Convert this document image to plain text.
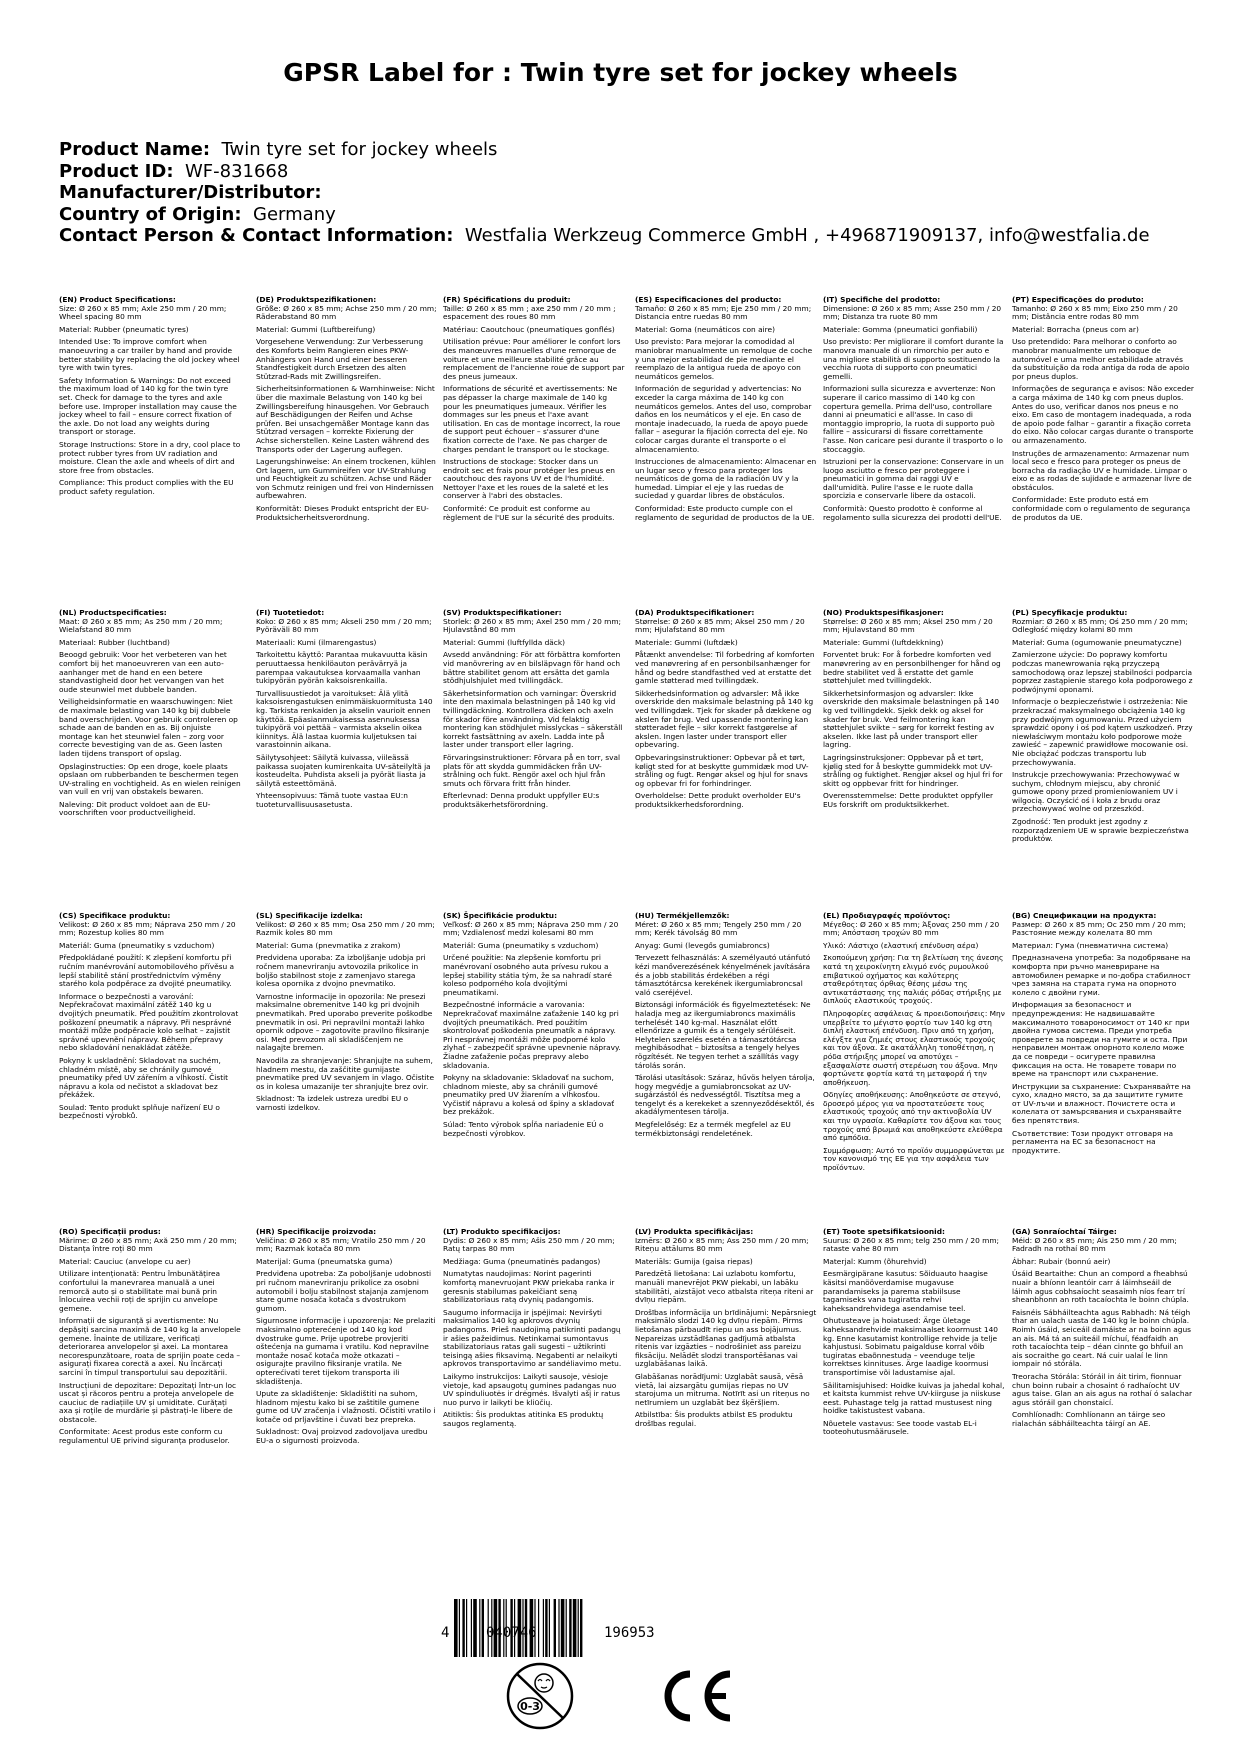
GPSR Label for : Twin tyre set for jockey wheels
Product Name: Twin tyre set for jockey wheels
Product ID: WF-831668
Manufacturer/Distributor:
Country of Origin: Germany
Contact Person & Contact Information: Westfalia Werkzeug Commerce GmbH , +496871909137, info@westfalia.de
(EN) Product Specifications:
Size: Ø 260 x 85 mm; Axle 250 mm / 20 mm; Wheel spacing 80 mm
Material: Rubber (pneumatic tyres)
Intended Use: To improve comfort when manoeuvring a car trailer by hand and provide better stability by replacing the old jockey wheel tyre with twin tyres.
Safety Information & Warnings: Do not exceed the maximum load of 140 kg for the twin tyre set. Check for damage to the tyres and axle before use. Improper installation may cause the jockey wheel to fail – ensure correct fixation of the axle. Do not load any weights during transport or storage.
Storage Instructions: Store in a dry, cool place to protect rubber tyres from UV radiation and moisture. Clean the axle and wheels of dirt and store free from obstacles.
Compliance: This product complies with the EU product safety regulation.
(DE) Produktspezifikationen:
Größe: Ø 260 x 85 mm; Achse 250 mm / 20 mm; Räderabstand 80 mm
Material: Gummi (Luftbereifung)
Vorgesehene Verwendung: Zur Verbesserung des Komforts beim Rangieren eines PKW-Anhängers von Hand und einer besseren Standfestigkeit durch Ersetzen des alten Stützrad-Rads mit Zwillingsreifen.
Sicherheitsinformationen & Warnhinweise: Nicht über die maximale Belastung von 140 kg bei Zwillingsbereifung hinausgehen. Vor Gebrauch auf Beschädigungen der Reifen und Achse prüfen. Bei unsachgemäßer Montage kann das Stützrad versagen – korrekte Fixierung der Achse sicherstellen. Keine Lasten während des Transports oder der Lagerung auflegen.
Lagerungshinweise: An einem trockenen, kühlen Ort lagern, um Gummireifen vor UV-Strahlung und Feuchtigkeit zu schützen. Achse und Räder von Schmutz reinigen und frei von Hindernissen aufbewahren.
Konformität: Dieses Produkt entspricht der EU-Produktsicherheitsverordnung.
(FR) Spécifications du produit:
Taille: Ø 260 x 85 mm ; axe 250 mm / 20 mm ; espacement des roues 80 mm
Matériau: Caoutchouc (pneumatiques gonflés)
Utilisation prévue: Pour améliorer le confort lors des manœuvres manuelles d'une remorque de voiture et une meilleure stabilité grâce au remplacement de l'ancienne roue de support par des pneus jumeaux.
Informations de sécurité et avertissements: Ne pas dépasser la charge maximale de 140 kg pour les pneumatiques jumeaux. Vérifier les dommages sur les pneus et l'axe avant utilisation. En cas de montage incorrect, la roue de support peut échouer – s'assurer d'une fixation correcte de l'axe. Ne pas charger de charges pendant le transport ou le stockage.
Instructions de stockage: Stocker dans un endroit sec et frais pour protéger les pneus en caoutchouc des rayons UV et de l'humidité. Nettoyer l'axe et les roues de la saleté et les conserver à l'abri des obstacles.
Conformité: Ce produit est conforme au règlement de l'UE sur la sécurité des produits.
(ES) Especificaciones del producto:
Tamaño: Ø 260 x 85 mm; Eje 250 mm / 20 mm; Distancia entre ruedas 80 mm
Material: Goma (neumáticos con aire)
Uso previsto: Para mejorar la comodidad al maniobrar manualmente un remolque de coche y una mejor estabilidad de pie mediante el reemplazo de la antigua rueda de apoyo con neumáticos gemelos.
Información de seguridad y advertencias: No exceder la carga máxima de 140 kg con neumáticos gemelos. Antes del uso, comprobar daños en los neumáticos y el eje. En caso de montaje inadecuado, la rueda de apoyo puede fallar – asegurar la fijación correcta del eje. No colocar cargas durante el transporte o el almacenamiento.
Instrucciones de almacenamiento: Almacenar en un lugar seco y fresco para proteger los neumáticos de goma de la radiación UV y la humedad. Limpiar el eje y las ruedas de suciedad y guardar libres de obstáculos.
Conformidad: Este producto cumple con el reglamento de seguridad de productos de la UE.
(IT) Specifiche del prodotto:
Dimensione: Ø 260 x 85 mm; Asse 250 mm / 20 mm; Distanza tra ruote 80 mm
Materiale: Gomma (pneumatici gonfiabili)
Uso previsto: Per migliorare il comfort durante la manovra manuale di un rimorchio per auto e una migliore stabilità di supporto sostituendo la vecchia ruota di supporto con pneumatici gemelli.
Informazioni sulla sicurezza e avvertenze: Non superare il carico massimo di 140 kg con copertura gemella. Prima dell'uso, controllare danni ai pneumatici e all'asse. In caso di montaggio improprio, la ruota di supporto può fallire – assicurarsi di fissare correttamente l'asse. Non caricare pesi durante il trasporto o lo stoccaggio.
Istruzioni per la conservazione: Conservare in un luogo asciutto e fresco per proteggere i pneumatici in gomma dai raggi UV e dall'umidità. Pulire l'asse e le ruote dalla sporcizia e conservarle libere da ostacoli.
Conformità: Questo prodotto è conforme al regolamento sulla sicurezza dei prodotti dell'UE.
(PT) Especificações do produto:
Tamanho: Ø 260 x 85 mm; Eixo 250 mm / 20 mm; Distância entre rodas 80 mm
Material: Borracha (pneus com ar)
Uso pretendido: Para melhorar o conforto ao manobrar manualmente um reboque de automóvel e uma melhor estabilidade através da substituição da roda antiga da roda de apoio por pneus duplos.
Informações de segurança e avisos: Não exceder a carga máxima de 140 kg com pneus duplos. Antes do uso, verificar danos nos pneus e no eixo. Em caso de montagem inadequada, a roda de apoio pode falhar – garantir a fixação correta do eixo. Não colocar cargas durante o transporte ou armazenamento.
Instruções de armazenamento: Armazenar num local seco e fresco para proteger os pneus de borracha da radiação UV e humidade. Limpar o eixo e as rodas de sujidade e armazenar livre de obstáculos.
Conformidade: Este produto está em conformidade com o regulamento de segurança de produtos da UE.
(NL) Productspecificaties:
Maat: Ø 260 x 85 mm; As 250 mm / 20 mm; Wielafstand 80 mm
Materiaal: Rubber (luchtband)
Beoogd gebruik: Voor het verbeteren van het comfort bij het manoeuvreren van een auto-aanhanger met de hand en een betere standvastigheid door het vervangen van het oude steunwiel met dubbele banden.
Veiligheidsinformatie en waarschuwingen: Niet de maximale belasting van 140 kg bij dubbele band overschrijden. Voor gebruik controleren op schade aan de banden en as. Bij onjuiste montage kan het steunwiel falen – zorg voor correcte bevestiging van de as. Geen lasten laden tijdens transport of opslag.
Opslaginstructies: Op een droge, koele plaats opslaan om rubberbanden te beschermen tegen UV-straling en vochtigheid. As en wielen reinigen van vuil en vrij van obstakels bewaren.
Naleving: Dit product voldoet aan de EU-voorschriften voor productveiligheid.
(FI) Tuotetiedot:
Koko: Ø 260 x 85 mm; Akseli 250 mm / 20 mm; Pyöräväli 80 mm
Materiaali: Kumi (ilmarengastus)
Tarkoitettu käyttö: Parantaa mukavuutta käsin peruuttaessa henkilöauton perävärryä ja parempaa vakautuksea korvaamalla vanhan tukipyörän pyörän kaksoisrenkailla.
Turvallisuustiedot ja varoitukset: Älä ylitä kaksoisrengastuksen enimmäiskuormitusta 140 kg. Tarkista renkaiden ja akselin vaurioit ennen käyttöä. Epäasianmukaisessa asennuksessa tukipyörä voi pettää – varmista akselin oikea kiinnitys. Älä lastaa kuormia kuljetuksen tai varastoinnin aikana.
Säilytysohjeet: Säilytä kuivassa, viileässä paikassa suojaten kumirenkaita UV-säteilyltä ja kosteudelta. Puhdista akseli ja pyörät liasta ja säilytä esteettömänä.
Yhteensopivuus: Tämä tuote vastaa EU:n tuoteturvallisuusasetusta.
(SV) Produktspecifikationer:
Storlek: Ø 260 x 85 mm; Axel 250 mm / 20 mm; Hjulavstånd 80 mm
Material: Gummi (luftfyllda däck)
Avsedd användning: För att förbättra komforten vid manövrering av en bilsläpvagn för hand och bättre stabilitet genom att ersätta det gamla stödhjulshjulet med tvillingdäck.
Säkerhetsinformation och varningar: Överskrid inte den maximala belastningen på 140 kg vid tvillingdäckning. Kontrollera däcken och axeln för skador före användning. Vid felaktig montering kan stödhjulet misslyckas – säkerställ korrekt fastsättning av axeln. Ladda inte på laster under transport eller lagring.
Förvaringsinstruktioner: Förvara på en torr, sval plats för att skydda gummidäcken från UV-strålning och fukt. Rengör axel och hjul från smuts och förvara fritt från hinder.
Efterlevnad: Denna produkt uppfyller EU:s produktsäkerhetsförordning.
(DA) Produktspecifikationer:
Størrelse: Ø 260 x 85 mm; Aksel 250 mm / 20 mm; Hjulafstand 80 mm
Materiale: Gummi (luftdæk)
Påtænkt anvendelse: Til forbedring af komforten ved manøvrering af en personbilsanhænger for hånd og bedre standfasthed ved at erstatte det gamle støtterad med tvillingdæk.
Sikkerhedsinformation og advarsler: Må ikke overskride den maksimale belastning på 140 kg ved tvillingdæk. Tjek for skader på dækkene og akslen før brug. Ved upassende montering kan støtteradet fejle – sikr korrekt fastgørelse af akslen. Ingen laster under transport eller opbevaring.
Opbevaringsinstruktioner: Opbevar på et tørt, køligt sted for at beskytte gummidæk mod UV-stråling og fugt. Rengør aksel og hjul for snavs og opbevar fri for forhindringer.
Overholdelse: Dette produkt overholder EU's produktsikkerhedsforordning.
(NO) Produktspesifikasjoner:
Størrelse: Ø 260 x 85 mm; Aksel 250 mm / 20 mm; Hjulavstand 80 mm
Materiale: Gummi (luftdekkning)
Forventet bruk: For å forbedre komforten ved manøvrering av en personbilhenger for hånd og bedre stabilitet ved å erstatte det gamle støttehjulet med tvillingdekk.
Sikkerhetsinformasjon og advarsler: Ikke overskride den maksimale belastningen på 140 kg ved tvillingdekk. Sjekk dekk og aksel for skader før bruk. Ved feilmontering kan støttehjulet svikte – sørg for korrekt festing av akselen. Ikke last på under transport eller lagring.
Lagringsinstruksjoner: Oppbevar på et tørt, kjølig sted for å beskytte gummidekk mot UV-stråling og fuktighet. Rengjør aksel og hjul fri for skitt og oppbevar fritt for hindringer.
Overensstemmelse: Dette produktet oppfyller EUs forskrift om produktsikkerhet.
(PL) Specyfikacje produktu:
Rozmiar: Ø 260 x 85 mm; Oś 250 mm / 20 mm; Odległość między kołami 80 mm
Materiał: Guma (ogumowanie pneumatyczne)
Zamierzone użycie: Do poprawy komfortu podczas manewrowania ręką przyczepą samochodową oraz lepszej stabilności podparcia poprzez zastąpienie starego koła podporowego z podwójnymi oponami.
Informacje o bezpieczeństwie i ostrzeżenia: Nie przekraczać maksymalnego obciążenia 140 kg przy podwójnym ogumowaniu. Przed użyciem sprawdzić opony i oś pod kątem uszkodzeń. Przy niewłaściwym montażu koło podporowe może zawieść – zapewnić prawidłowe mocowanie osi. Nie obciążać podczas transportu lub przechowywania.
Instrukcje przechowywania: Przechowywać w suchym, chłodnym miejscu, aby chronić gumowe opony przed promieniowaniem UV i wilgocią. Oczyścić oś i koła z brudu oraz przechowywać wolne od przeszkód.
Zgodność: Ten produkt jest zgodny z rozporządzeniem UE w sprawie bezpieczeństwa produktów.
(CS) Specifikace produktu:
Velikost: Ø 260 x 85 mm; Náprava 250 mm / 20 mm; Rozestup kolies 80 mm
Materiál: Guma (pneumatiky s vzduchom)
Předpokládané použití: K zlepšení komfortu při ručním manévrování automobilového přívěsu a lepší stabilitě stání prostřednictvím výměny starého kola podpěrace za dvojité pneumatiky.
Informace o bezpečnosti a varování: Nepřekračovat maximální zátěž 140 kg u dvojitých pneumatik. Před použitím zkontrolovat poškození pneumatik a nápravy. Při nesprávné montáži může podpěracie kolo selhat – zajistit správné upevnění nápravy. Během přepravy nebo skladování nenakládat zátěže.
Pokyny k uskladnění: Skladovat na suchém, chladném místě, aby se chránily gumové pneumatiky před UV zářením a vlhkostí. Čistit nápravu a kola od nečistot a skladovat bez překážek.
Soulad: Tento produkt splňuje nařízení EU o bezpečnosti výrobků.
(SL) Specifikacije izdelka:
Velikost: Ø 260 x 85 mm; Osa 250 mm / 20 mm; Razmik koles 80 mm
Material: Guma (pnevmatika z zrakom)
Predvidena uporaba: Za izboljšanje udobja pri ročnem manevriranju avtovozila prikolice in boljšo stabilnost stoje z zamenjavo starega kolesa opornika z dvojno pnevmatiko.
Varnostne informacije in opozorila: Ne presezi maksimalne obremenitve 140 kg pri dvojnih pnevmatikah. Pred uporabo preverite poškodbe pnevmatik in osi. Pri nepravilni montaži lahko opornik odpove – zagotovite pravilno fiksiranje osi. Med prevozom ali skladiščenjem ne nalagajte bremen.
Navodila za shranjevanje: Shranjujte na suhem, hladnem mestu, da zaščitite gumijaste pnevmatike pred UV sevanjem in vlago. Očistite os in kolesa umazanije ter shranjujte brez ovir.
Skladnost: Ta izdelek ustreza uredbi EU o varnosti izdelkov.
(SK) Špecifikácie produktu:
Veľkosť: Ø 260 x 85 mm; Náprava 250 mm / 20 mm; Vzdialenosť medzi kolesami 80 mm
Materiál: Guma (pneumatiky s vzduchom)
Určené použitie: Na zlepšenie komfortu pri manévrovaní osobného auta prívesu rukou a lepšej stability státia tým, že sa nahradí staré koleso podporného kola dvojitými pneumatikami.
Bezpečnostné informácie a varovania: Neprekračovať maximálne zaťaženie 140 kg pri dvojitých pneumatikách. Pred použitím skontrolovať poškodenia pneumatík a nápravy. Pri nesprávnej montáži môže podporné kolo zlyhať – zabezpečiť správne upevnenie nápravy. Žiadne zaťaženie počas prepravy alebo skladovania.
Pokyny na skladovanie: Skladovať na suchom, chladnom mieste, aby sa chránili gumové pneumatiky pred UV žiarením a vlhkosťou. Vyčistiť nápravu a kolesá od špiny a skladovať bez prekážok.
Súlad: Tento výrobok spĺňa nariadenie EÚ o bezpečnosti výrobkov.
(HU) Termékjellemzők:
Méret: Ø 260 x 85 mm; Tengely 250 mm / 20 mm; Kerék távolság 80 mm
Anyag: Gumi (levegős gumiabroncs)
Tervezett felhasználás: A személyautó utánfutó kézi manőverezésének kényelmének javítására és a jobb stabilitás érdekében a régi támasztótárcsa kerekének ikergumiabroncsal való cseréjével.
Biztonsági információk és figyelmeztetések: Ne haladja meg az ikergumiabroncs maximális terhelését 140 kg-mal. Használat előtt ellenőrizze a gumik és a tengely sérüléseit. Helytelen szerelés esetén a támasztótárcsa meghibásodhat – biztosítsa a tengely helyes rögzítését. Ne tegyen terhet a szállítás vagy tárolás során.
Tárolási utasítások: Száraz, hűvös helyen tárolja, hogy megvédje a gumiabroncsokat az UV-sugárzástól és nedvességtől. Tisztítsa meg a tengelyt és a kerekeket a szennyeződésektől, és akadálymentesen tárolja.
Megfelelőség: Ez a termék megfelel az EU termékbiztonsági rendeletének.
(EL) Προδιαγραφές προϊόντος:
Μέγεθος: Ø 260 x 85 mm; Άξονας 250 mm / 20 mm; Απόσταση τροχών 80 mm
Υλικό: Λάστιχο (ελαστική επένδυση αέρα)
Σκοπούμενη χρήση: Για τη βελτίωση της άνεσης κατά τη χειροκίνητη ελιγμό ενός ρυμουλκού επιβατικού οχήματος και καλύτερης σταθερότητας όρθιας θέσης μέσω της αντικατάστασης της παλιάς ρόδας στήριξης με διπλούς ελαστικούς τροχούς.
Πληροφορίες ασφάλειας & προειδοποιήσεις: Μην υπερβείτε το μέγιστο φορτίο των 140 kg στη διπλή ελαστική επένδυση. Πριν από τη χρήση, ελέγξτε για ζημιές στους ελαστικούς τροχούς και τον άξονα. Σε ακατάλληλη τοποθέτηση, η ρόδα στήριξης μπορεί να αποτύχει – εξασφαλίστε σωστή στερέωση του άξονα. Μην φορτώνετε φορτία κατά τη μεταφορά ή την αποθήκευση.
Οδηγίες αποθήκευσης: Αποθηκεύστε σε στεγνό, δροσερό μέρος για να προστατεύσετε τους ελαστικούς τροχούς από την ακτινοβολία UV και την υγρασία. Καθαρίστε τον άξονα και τους τροχούς από βρωμιά και αποθηκεύστε ελεύθερα από εμπόδια.
Συμμόρφωση: Αυτό το προϊόν συμμορφώνεται με τον κανονισμό της ΕΕ για την ασφάλεια των προϊόντων.
(BG) Спецификации на продукта:
Размер: Ø 260 x 85 mm; Ос 250 mm / 20 mm; Разстояние между колелата 80 mm
Материал: Гума (пневматична система)
Предназначена употреба: За подобряване на комфорта при ръчно маневриране на автомобилен ремарке и по-добра стабилност чрез замяна на старата гума на опорното колело с двойни гуми.
Информация за безопасност и предупреждения: Не надвишавайте максималното товароносимост от 140 кг при двойна гумова система. Преди употреба проверете за повреди на гумите и оста. При неправилен монтаж опорното колело може да се повреди – осигурете правилна фиксация на оста. Не товарете товари по време на транспорт или съхранение.
Инструкции за съхранение: Съхранявайте на сухо, хладно място, за да защитите гумите от UV-лъчи и влажност. Почистете оста и колелата от замърсявания и съхранявайте без препятствия.
Съответствие: Този продукт отговаря на регламента на ЕС за безопасност на продуктите.
(RO) Specificații produs:
Mărime: Ø 260 x 85 mm; Axă 250 mm / 20 mm; Distanța între roți 80 mm
Material: Cauciuc (anvelope cu aer)
Utilizare intenționată: Pentru îmbunătățirea confortului la manevrarea manuală a unei remorcă auto și o stabilitate mai bună prin înlocuirea vechii roți de sprijin cu anvelope gemene.
Informații de siguranță și avertismente: Nu depășiți sarcina maximă de 140 kg la anvelopele gemene. Înainte de utilizare, verificați deteriorarea anvelopelor și axei. La montarea necorespunzătoare, roata de sprijin poate ceda – asigurați fixarea corectă a axei. Nu încărcați sarcini în timpul transportului sau depozitării.
Instrucțiuni de depozitare: Depozitați într-un loc uscat și răcoros pentru a proteja anvelopele de cauciuc de radiațiile UV și umiditate. Curățați axa și roțile de murdărie și păstrați-le libere de obstacole.
Conformitate: Acest produs este conform cu regulamentul UE privind siguranța produselor.
(HR) Specifikacije proizvoda:
Veličina: Ø 260 x 85 mm; Vratilo 250 mm / 20 mm; Razmak kotača 80 mm
Materijal: Guma (pneumatska guma)
Predviđena upotreba: Za poboljšanje udobnosti pri ručnom manevriranju prikolice za osobni automobil i bolju stabilnost stajanja zamjenom stare gume nosača kotača s dvostrukom gumom.
Sigurnosne informacije i upozorenja: Ne prelaziti maksimalno opterećenje od 140 kg kod dvostruke gume. Prije upotrebe provjeriti oštećenja na gumama i vratilu. Kod nepravilne montaže nosač kotača može otkazati – osigurajte pravilno fiksiranje vratila. Ne opterećivati teret tijekom transporta ili skladištenja.
Upute za skladištenje: Skladištiti na suhom, hladnom mjestu kako bi se zaštitile gumene gume od UV zračenja i vlažnosti. Očistiti vratilo i kotače od prljavštine i čuvati bez prepreka.
Sukladnost: Ovaj proizvod zadovoljava uredbu EU-a o sigurnosti proizvoda.
(LT) Produkto specifikacijos:
Dydis: Ø 260 x 85 mm; Ašis 250 mm / 20 mm; Ratų tarpas 80 mm
Medžiaga: Guma (pneumatinės padangos)
Numatytas naudojimas: Norint pagerinti komfortą manevruojant PKW priekaba ranka ir geresnis stabilumas pakeičiant seną stabilizatoriaus ratą dvynių padangomis.
Saugumo informacija ir įspėjimai: Neviršyti maksimalios 140 kg apkrovos dvynių padangoms. Prieš naudojimą patikrinti padangų ir ašies pažeidimus. Netinkamai sumontavus stabilizatoriaus ratas gali sugesti – užtikrinti teisingą ašies fiksavimą. Negabenti ar nelaikyti apkrovos transportavimo ar sandėliavimo metu.
Laikymo instrukcijos: Laikyti sausoje, vėsioje vietoje, kad apsaugotų gumines padangas nuo UV spinduliuotės ir drėgmės. Išvalyti ašį ir ratus nuo purvo ir laikyti be kliūčių.
Atitiktis: Šis produktas atitinka ES produktų saugos reglamentą.
(LV) Produkta specifikācijas:
Izmērs: Ø 260 x 85 mm; Ass 250 mm / 20 mm; Riteņu attālums 80 mm
Materiāls: Gumija (gaisa riepas)
Paredzētā lietošana: Lai uzlabotu komfortu, manuāli manevrējot PKW piekabi, un labāku stabilitāti, aizstājot veco atbalsta riteņa riteni ar dvīņu riepām.
Drošības informācija un brīdinājumi: Nepārsniegt maksimālo slodzi 140 kg dvīņu riepām. Pirms lietošanas pārbaudīt riepu un ass bojājumus. Nepareizas uzstādīšanas gadījumā atbalsta ritenis var izgāzties – nodrošiniet ass pareizu fiksāciju. Nelādēt slodzi transportēšanas vai uzglabāšanas laikā.
Glabāšanas norādījumi: Uzglabāt sausā, vēsā vietā, lai aizsargātu gumijas riepas no UV starojuma un mitruma. Notīrīt asi un riteņus no netīrumiem un uzglabāt bez šķēršļiem.
Atbilstība: Šis produkts atbilst ES produktu drošības regulai.
(ET) Toote spetsifikatsioonid:
Suurus: Ø 260 x 85 mm; telg 250 mm / 20 mm; rataste vahe 80 mm
Materjal: Kumm (õhurehvid)
Eesmärgipärane kasutus: Sõiduauto haagise käsitsi manööverdamise mugavuse parandamiseks ja parema stabiilsuse tagamiseks vana tugiratta rehvi kaheksandrehvidega asendamise teel.
Ohutusteave ja hoiatused: Ärge ületage kaheksandrehvide maksimaalset koormust 140 kg. Enne kasutamist kontrollige rehvide ja telje kahjustusi. Sobimatu paigalduse korral võib tugiratas ebaõnnestuda – veenduge telje korrektses kinnituses. Ärge laadige koormusi transportimise või ladustamise ajal.
Säilitamisjuhised: Hoidke kuivas ja jahedal kohal, et kaitsta kummist rehve UV-kiirguse ja niiskuse eest. Puhastage telg ja rattad mustusest ning hoidke takistustest vabana.
Nõuetele vastavus: See toode vastab EL-i tooteohutusmäärusele.
(GA) Sonraíochtaí Táirge:
Méid: Ø 260 x 85 mm; Ais 250 mm / 20 mm; Fadradh na rothaí 80 mm
Ábhar: Rubair (bonnú aeir)
Úsáid Beartaithe: Chun an compord a fheabhsú nuair a bhíonn leantóir carr á láimhseáil de láimh agus cobhsaíocht seasaimh níos fearr trí sheanbhonn an roth tacaíochta le boinn chúpla.
Faisnéis Sábháilteachta agus Rabhadh: Ná téigh thar an ualach uasta de 140 kg le boinn chúpla. Roimh úsáid, seiceáil damáiste ar na boinn agus an ais. Má tá an suiteáil míchuí, féadfaidh an roth tacaíochta teip – déan cinnte go bhfuil an ais socraithe go ceart. Ná cuir ualaí le linn iompair nó stórála.
Treoracha Stórála: Stóráil in áit tirim, fionnuar chun boinn rubair a chosaint ó radhaíocht UV agus taise. Glan an ais agus na rothaí ó salachar agus stóráil gan chonstaicí.
Comhlíonadh: Comhlíonann an táirge seo rialachán sábháilteachta táirgí an AE.
4	040746	196953
0-3
